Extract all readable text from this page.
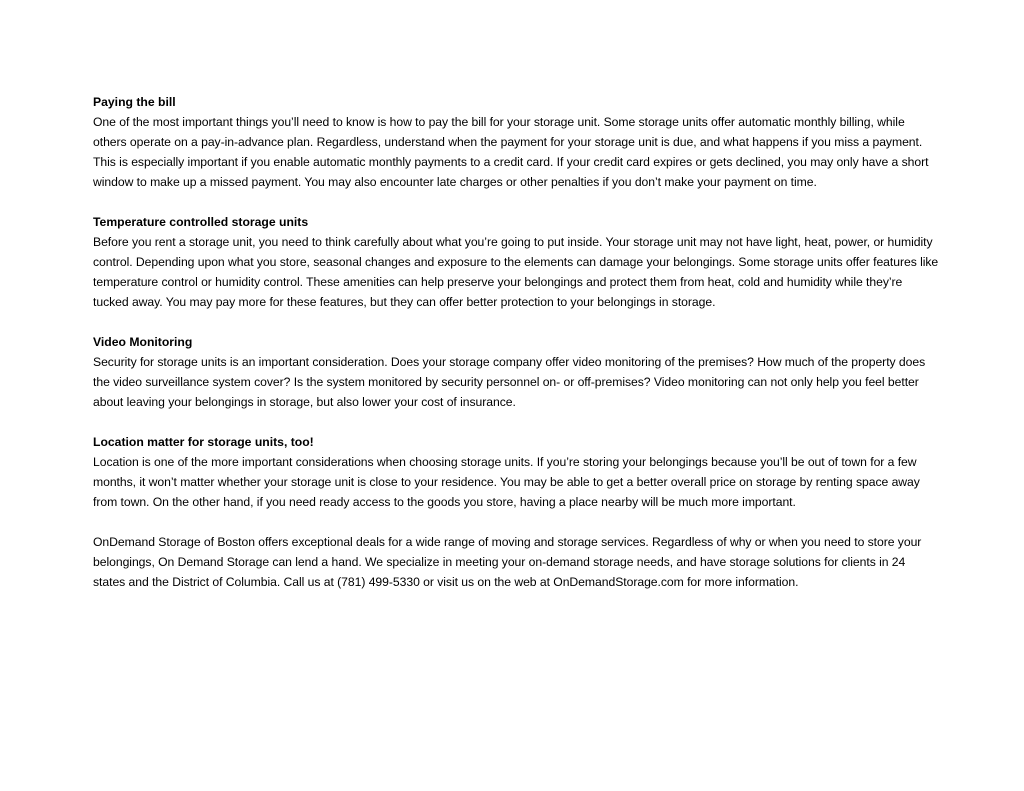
Paying the bill

One of the most important things you’ll need to know is how to pay the bill for your storage unit. Some storage units offer automatic monthly billing, while others operate on a pay-in-advance plan. Regardless, understand when the payment for your storage unit is due, and what happens if you miss a payment. This is especially important if you enable automatic monthly payments to a credit card. If your credit card expires or gets declined, you may only have a short window to make up a missed payment. You may also encounter late charges or other penalties if you don’t make your payment on time.

Temperature controlled storage units

Before you rent a storage unit, you need to think carefully about what you’re going to put inside. Your storage unit may not have light, heat, power, or humidity control. Depending upon what you store, seasonal changes and exposure to the elements can damage your belongings. Some storage units offer features like temperature control or humidity control. These amenities can help preserve your belongings and protect them from heat, cold and humidity while they’re tucked away. You may pay more for these features, but they can offer better protection to your belongings in storage.

Video Monitoring

Security for storage units is an important consideration. Does your storage company offer video monitoring of the premises? How much of the property does the video surveillance system cover? Is the system monitored by security personnel on- or off-premises? Video monitoring can not only help you feel better about leaving your belongings in storage, but also lower your cost of insurance.

Location matter for storage units, too!

Location is one of the more important considerations when choosing storage units. If you’re storing your belongings because you’ll be out of town for a few months, it won’t matter whether your storage unit is close to your residence. You may be able to get a better overall price on storage by renting space away from town. On the other hand, if you need ready access to the goods you store, having a place nearby will be much more important.

OnDemand Storage of Boston offers exceptional deals for a wide range of moving and storage services. Regardless of why or when you need to store your belongings, On Demand Storage can lend a hand. We specialize in meeting your on-demand storage needs, and have storage solutions for clients in 24 states and the District of Columbia. Call us at (781) 499-5330 or visit us on the web at OnDemandStorage.com for more information.
